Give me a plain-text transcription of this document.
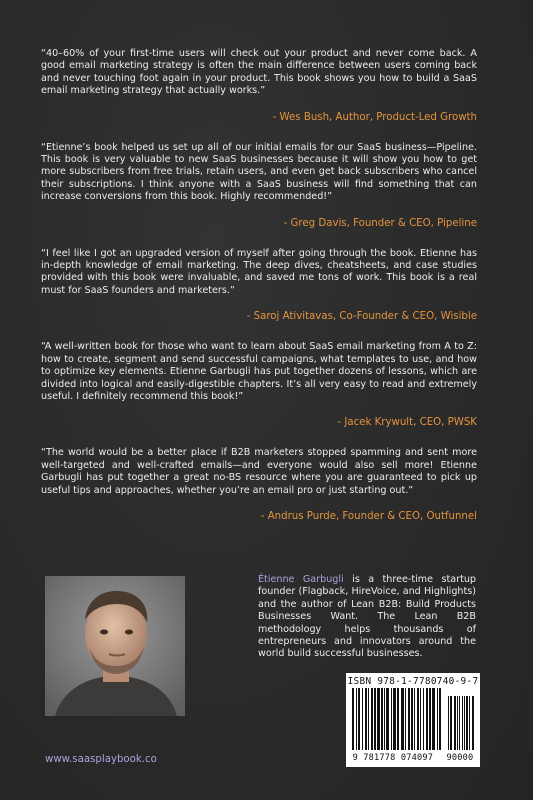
“40–60% of your first-time users will check out your product and never come back. A good email marketing strategy is often the main difference between users coming back and never touching foot again in your product. This book shows you how to build a SaaS email marketing strategy that actually works.”

- Wes Bush, Author, Product-Led Growth

“Etienne’s book helped us set up all of our initial emails for our SaaS business—Pipeline. This book is very valuable to new SaaS businesses because it will show you how to get more subscribers from free trials, retain users, and even get back subscribers who cancel their subscriptions. I think anyone with a SaaS business will find something that can increase conversions from this book. Highly recommended!”

- Greg Davis, Founder & CEO, Pipeline

“I feel like I got an upgraded version of myself after going through the book. Etienne has in-depth knowledge of email marketing. The deep dives, cheatsheets, and case studies provided with this book were invaluable, and saved me tons of work. This book is a real must for SaaS founders and marketers.”

- Saroj Ativitavas, Co-Founder & CEO, Wisible

“A well-written book for those who want to learn about SaaS email marketing from A to Z: how to create, segment and send successful campaigns, what templates to use, and how to optimize key elements. Etienne Garbugli has put together dozens of lessons, which are divided into logical and easily-digestible chapters. It’s all very easy to read and extremely useful. I definitely recommend this book!”

- Jacek Krywult, CEO, PWSK

“The world would be a better place if B2B marketers stopped spamming and sent more well-targeted and well-crafted emails—and everyone would also sell more! Etienne Garbugli has put together a great no-BS resource where you are guaranteed to pick up useful tips and approaches, whether you’re an email pro or just starting out.”

- Andrus Purde, Founder & CEO, Outfunnel

Étienne Garbugli is a three-time startup founder (Flagback, HireVoice, and Highlights) and the author of Lean B2B: Build Products Businesses Want. The Lean B2B methodology helps thousands of entrepreneurs and innovators around the world build successful businesses.

www.saasplaybook.co
ISBN 978-1-7780740-9-7
9 781778 074097 90000
